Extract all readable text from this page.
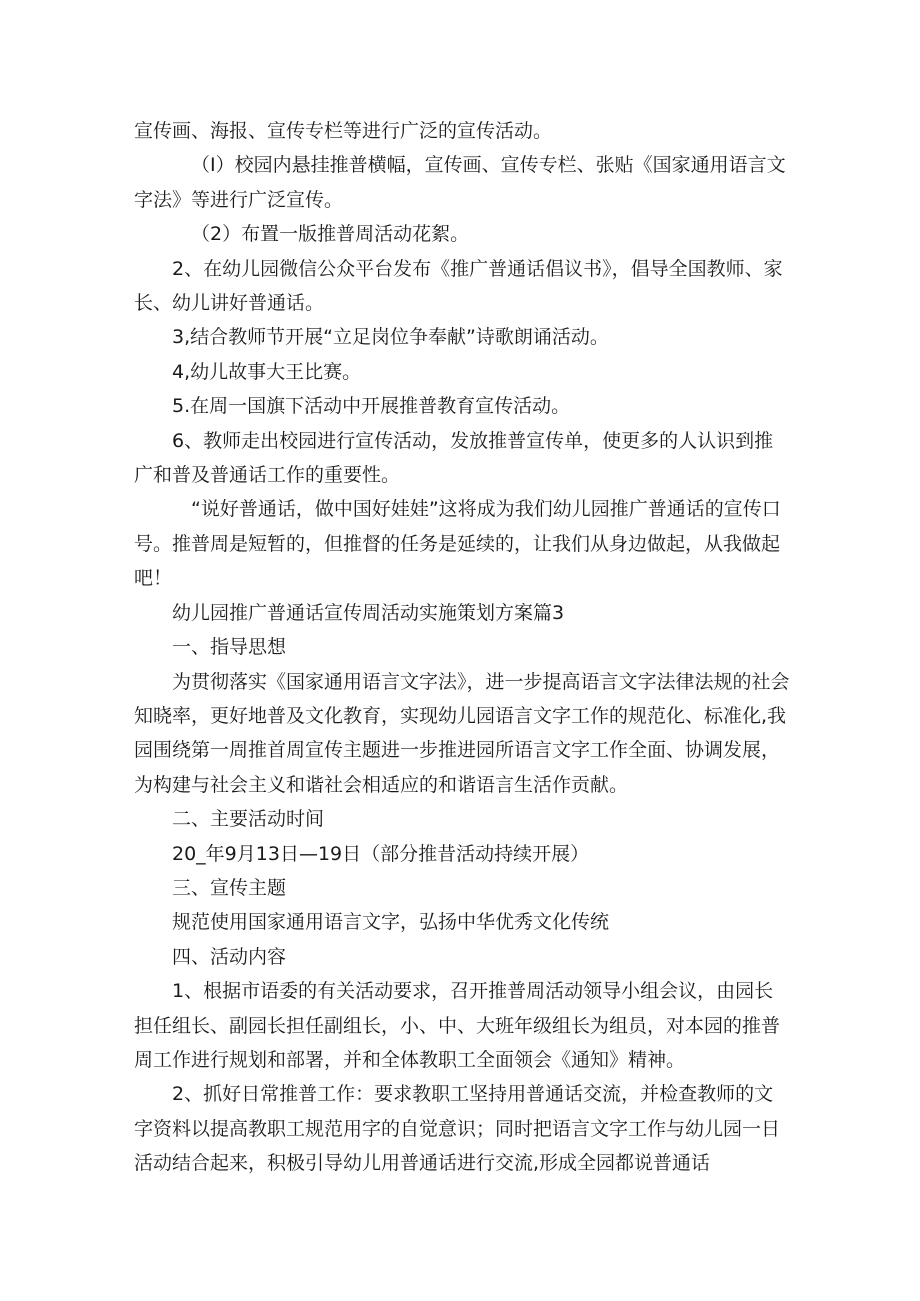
宣传画、海报、宣传专栏等进行广泛的宣传活动。

（I）校园内悬挂推普横幅，宣传画、宣传专栏、张贴《国家通用语言文字法》等进行广泛宣传。

（2）布置一版推普周活动花絮。

2、在幼儿园微信公众平台发布《推广普通话倡议书》，倡导全国教师、家长、幼儿讲好普通话。

3,结合教师节开展“立足岗位争奉献”诗歌朗诵活动。

4,幼儿故事大王比赛。

5.在周一国旗下活动中开展推普教育宣传活动。

6、教师走出校园进行宣传活动，发放推普宣传单，使更多的人认识到推广和普及普通话工作的重要性。

“说好普通话，做中国好娃娃”这将成为我们幼儿园推广普通话的宣传口号。推普周是短暂的，但推督的任务是延续的，让我们从身边做起，从我做起吧！

幼儿园推广普通话宣传周活动实施策划方案篇3

一、指导思想

为贯彻落实《国家通用语言文字法》，进一步提高语言文字法律法规的社会知晓率，更好地普及文化教育，实现幼儿园语言文字工作的规范化、标准化,我园围绕第一周推首周宣传主题进一步推进园所语言文字工作全面、协调发展，为构建与社会主义和谐社会相适应的和谐语言生活作贡献。

二、主要活动时间

20_年9月13日—19日（部分推昔活动持续开展）

三、宣传主题

规范使用国家通用语言文字，弘扬中华优秀文化传统

四、活动内容

1、根据市语委的有关活动要求，召开推普周活动领导小组会议，由园长担任组长、副园长担任副组长，小、中、大班年级组长为组员，对本园的推普周工作进行规划和部署，并和全体教职工全面领会《通知》精神。

2、抓好日常推普工作：要求教职工坚持用普通话交流，并检查教师的文字资料以提高教职工规范用字的自觉意识；同时把语言文字工作与幼儿园一日活动结合起来，积极引导幼儿用普通话进行交流,形成全园都说普通话
